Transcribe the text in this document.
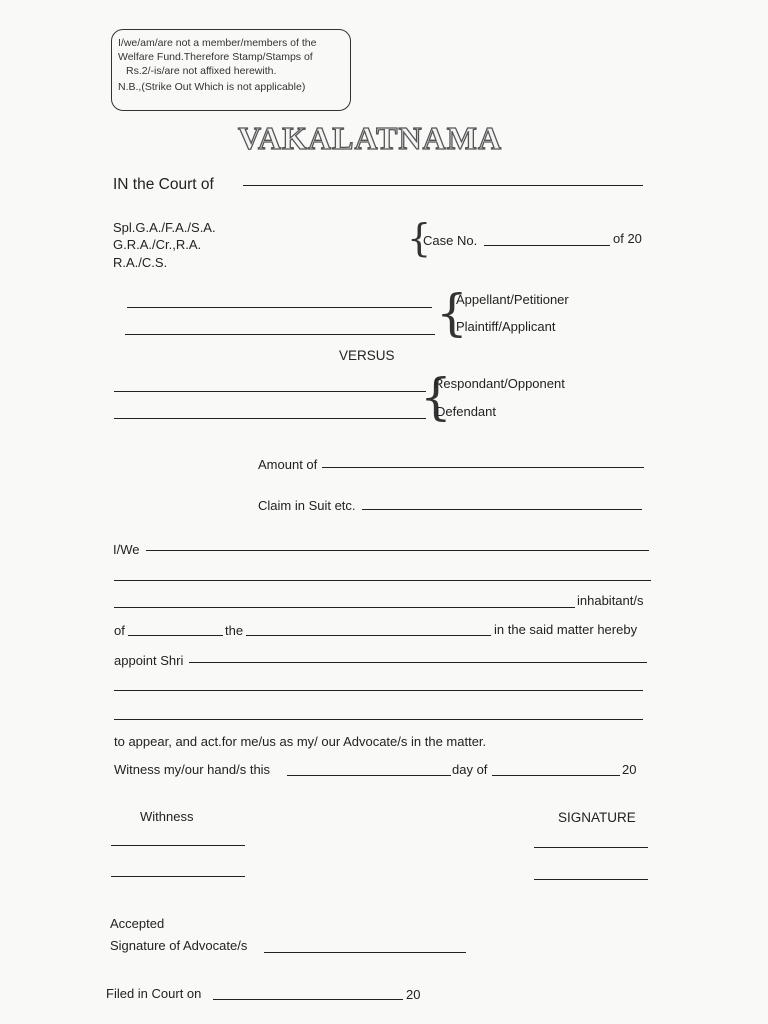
I/we/am/are not a member/members of the
Welfare Fund.Therefore Stamp/Stamps of
Rs.2/-is/are not affixed herewith.
N.B.,(Strike Out Which is not applicable)
VAKALATNAMA
IN the Court of
Spl.G.A./F.A./S.A.
G.R.A./Cr.,R.A.
R.A./C.S.
{
Case No.	of 20
{
Appellant/Petitioner
Plaintiff/Applicant
VERSUS
{
Respondant/Opponent
Defendant
Amount of
Claim in Suit etc.
I/We
inhabitant/s
of	the	in the said matter hereby
appoint Shri
to appear, and act.for me/us as my/ our Advocate/s in the matter.
Witness my/our hand/s this	day of	20
Withness	SIGNATURE
Accepted
Signature of Advocate/s
Filed in Court on	20
